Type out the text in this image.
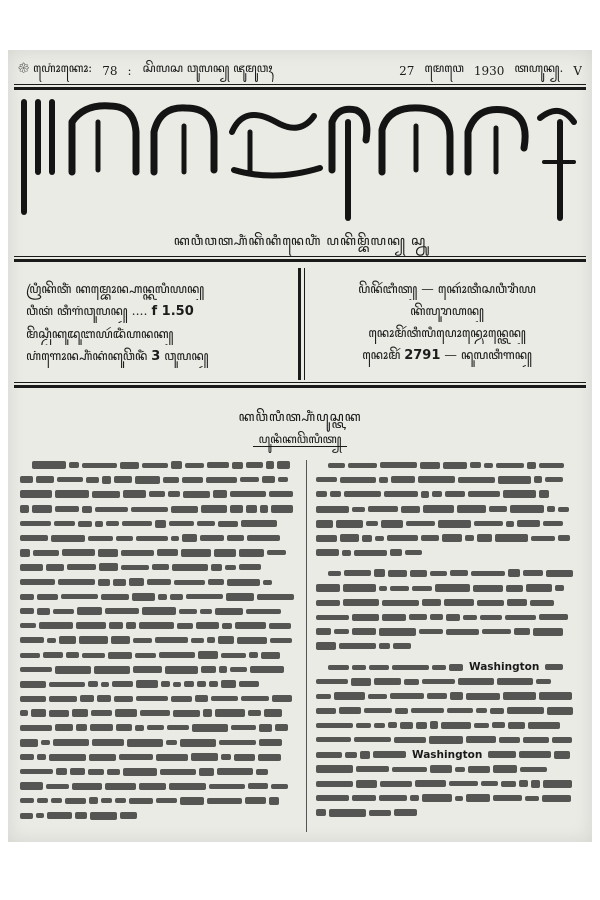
𑁍 ꦲꦺꦴꦁꦏꦺꦴ: 78 : ꦱꦼꦭꦱ ꦮꦸꦭꦤ꧀ ꦗꦸꦩꦸꦮꦃ	27 ꦩꦺꦮꦺ 1930 ꦠꦲꦸꦤ꧀. V
ꦏꦮꦶꦮꦠ꧀ꦲꦶꦁꦏꦼꦁꦏꦶꦤꦺꦲꦶꦁ ꦥꦏꦼꦩ꧀ꦧꦼꦭꦤ꧀ ꦱ꧀ꦤꦸ
ꦥꦿꦶꦏꦼꦠꦶꦁ ꦏꦩ꧀ꦧꦺꦴꦤ꧀ꦲꦤ꧀ꦏꦭꦶꦪꦤ꧀
ꦮꦶꦠꦁ ꦠꦶꦒꦁꦮꦸꦭꦤ꧀ .... f 1.50
ꦩꦼꦱ꧀ꦛꦶꦏꦸꦢꦸꦧꦪꦂꦢꦶꦁꦲꦤꦏ꧀
ꦲꦁꦒꦺꦴꦤ꧀ꦲꦶꦁꦏꦁꦏꦸꦮꦼꦤꦶꦁ 3 ꦮꦸꦭꦤ꧀
ꦥꦼꦤꦼꦂꦧꦶꦠ꧀ — ꦏꦺꦴꦂꦠꦶꦱꦮꦶꦫꦶꦪ
ꦏꦼꦭꦸꦫꦲꦤ꧀
ꦤꦺꦴꦩꦼꦂꦠꦶꦭꦶꦥꦺꦴꦤ꧀ꦮꦺꦴꦤ꧀ꦠꦺꦤ꧀
ꦤꦺꦴꦩꦼꦂ 2791 — ꦤꦸꦭꦠꦶꦒꦤ꧀
ꦏꦮꦼꦭꦶꦠ꧀ꦲꦶꦁꦥꦸꦱ꧀ꦠꦏ
ꦥꦸꦤꦶꦏꦮꦼꦭꦶꦠ꧀
Washington
Washington
